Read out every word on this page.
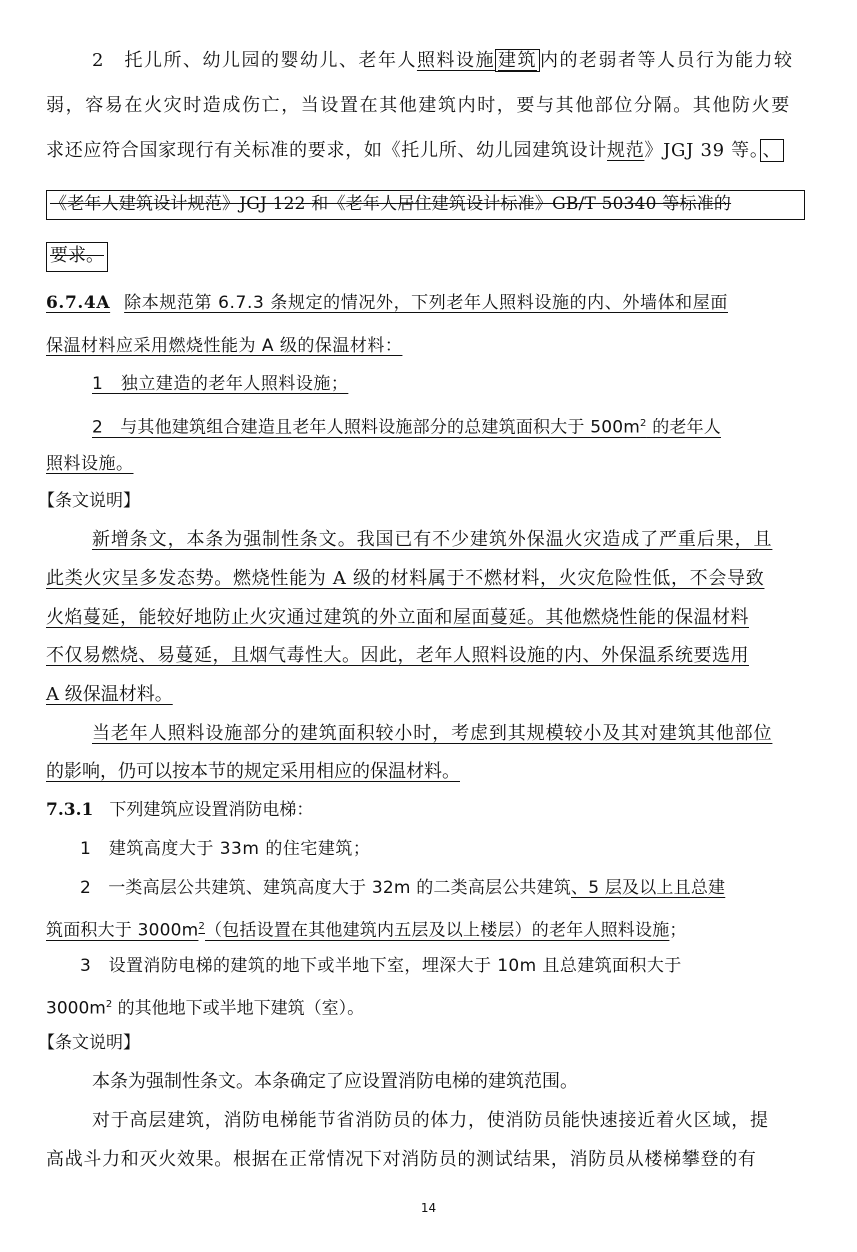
2　托儿所、幼儿园的婴幼儿、老年人照料设施 建筑 内的老弱者等人员行为能力较
弱，容易在火灾时造成伤亡，当设置在其他建筑内时，要与其他部位分隔。其他防火要
求还应符合国家现行有关标准的要求，如《托儿所、幼儿园建筑设计规范》JGJ 39 等。 、
《老年人建筑设计规范》JGJ 122 和《老年人居住建筑设计标准》GB/T 50340 等标准的
要求。
6.7.4A 除本规范第 6.7.3 条规定的情况外，下列老年人照料设施的内、外墙体和屋面
保温材料应采用燃烧性能为 A 级的保温材料：
1　独立建造的老年人照料设施；
2　与其他建筑组合建造且老年人照料设施部分的总建筑面积大于 $500m^2$ 的老年人
照料设施。
【条文说明】
新增条文，本条为强制性条文。我国已有不少建筑外保温火灾造成了严重后果，且
此类火灾呈多发态势。燃烧性能为 A 级的材料属于不燃材料，火灾危险性低，不会导致
火焰蔓延，能较好地防止火灾通过建筑的外立面和屋面蔓延。其他燃烧性能的保温材料
不仅易燃烧、易蔓延，且烟气毒性大。因此，老年人照料设施的内、外保温系统要选用
A 级保温材料。
当老年人照料设施部分的建筑面积较小时，考虑到其规模较小及其对建筑其他部位
的影响，仍可以按本节的规定采用相应的保温材料。
7.3.1 下列建筑应设置消防电梯：
1　建筑高度大于 33m 的住宅建筑；
2　一类高层公共建筑、建筑高度大于 32m 的二类高层公共建筑、5 层及以上且总建
筑面积大于 $3000m^2$（包括设置在其他建筑内五层及以上楼层）的老年人照料设施；
3　设置消防电梯的建筑的地下或半地下室，埋深大于 10m 且总建筑面积大于
$3000m^2$ 的其他地下或半地下建筑（室）。
【条文说明】
本条为强制性条文。本条确定了应设置消防电梯的建筑范围。
对于高层建筑，消防电梯能节省消防员的体力，使消防员能快速接近着火区域，提
高战斗力和灭火效果。根据在正常情况下对消防员的测试结果，消防员从楼梯攀登的有
14
